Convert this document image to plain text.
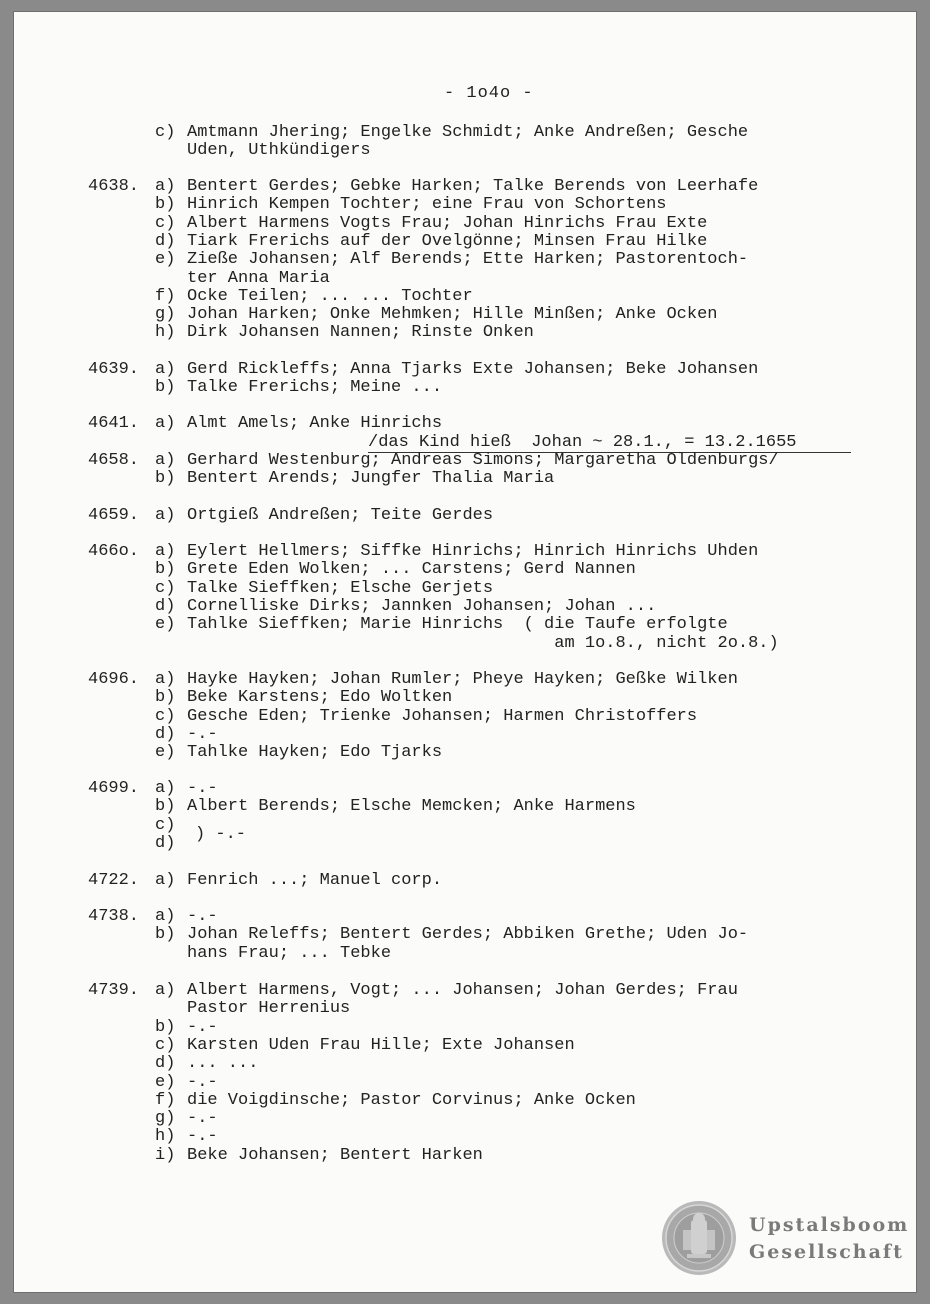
- 1o4o -
c) Amtmann Jhering; Engelke Schmidt; Anke Andreßen; Gesche
Uden, Uthkündigers
4638. a) Bentert Gerdes; Gebke Harken; Talke Berends von Leerhafe
b) Hinrich Kempen Tochter; eine Frau von Schortens
c) Albert Harmens Vogts Frau; Johan Hinrichs Frau Exte
d) Tiark Frerichs auf der Ovelgönne; Minsen Frau Hilke
e) Zieße Johansen; Alf Berends; Ette Harken; Pastorentoch-
ter Anna Maria
f) Ocke Teilen; ... ... Tochter
g) Johan Harken; Onke Mehmken; Hille Minßen; Anke Ocken
h) Dirk Johansen Nannen; Rinste Onken
4639. a) Gerd Rickleffs; Anna Tjarks Exte Johansen; Beke Johansen
b) Talke Frerichs; Meine ...
4641. a) Almt Amels; Anke Hinrichs
/das Kind hieß  Johan ~ 28.1., = 13.2.1655
4658. a) Gerhard Westenburg; Andreas Simons; Margaretha Oldenburgs/
b) Bentert Arends; Jungfer Thalia Maria
4659. a) Ortgieß Andreßen; Teite Gerdes
466o. a) Eylert Hellmers; Siffke Hinrichs; Hinrich Hinrichs Uhden
b) Grete Eden Wolken; ... Carstens; Gerd Nannen
c) Talke Sieffken; Elsche Gerjets
d) Cornelliske Dirks; Jannken Johansen; Johan ...
e) Tahlke Sieffken; Marie Hinrichs  ( die Taufe erfolgte
am 1o.8., nicht 2o.8.)
4696. a) Hayke Hayken; Johan Rumler; Pheye Hayken; Geßke Wilken
b) Beke Karstens; Edo Woltken
c) Gesche Eden; Trienke Johansen; Harmen Christoffers
d) -.-
e) Tahlke Hayken; Edo Tjarks
4699. a) -.-
b) Albert Berends; Elsche Memcken; Anke Harmens
c)
d) ) -.-
4722. a) Fenrich ...; Manuel corp.
4738. a) -.-
b) Johan Releffs; Bentert Gerdes; Abbiken Grethe; Uden Jo-
hans Frau; ... Tebke
4739. a) Albert Harmens, Vogt; ... Johansen; Johan Gerdes; Frau
Pastor Herrenius
b) -.-
c) Karsten Uden Frau Hille; Exte Johansen
d) ... ...
e) -.-
f) die Voigdinsche; Pastor Corvinus; Anke Ocken
g) -.-
h) -.-
i) Beke Johansen; Bentert Harken
Upstalsboom
Gesellschaft
